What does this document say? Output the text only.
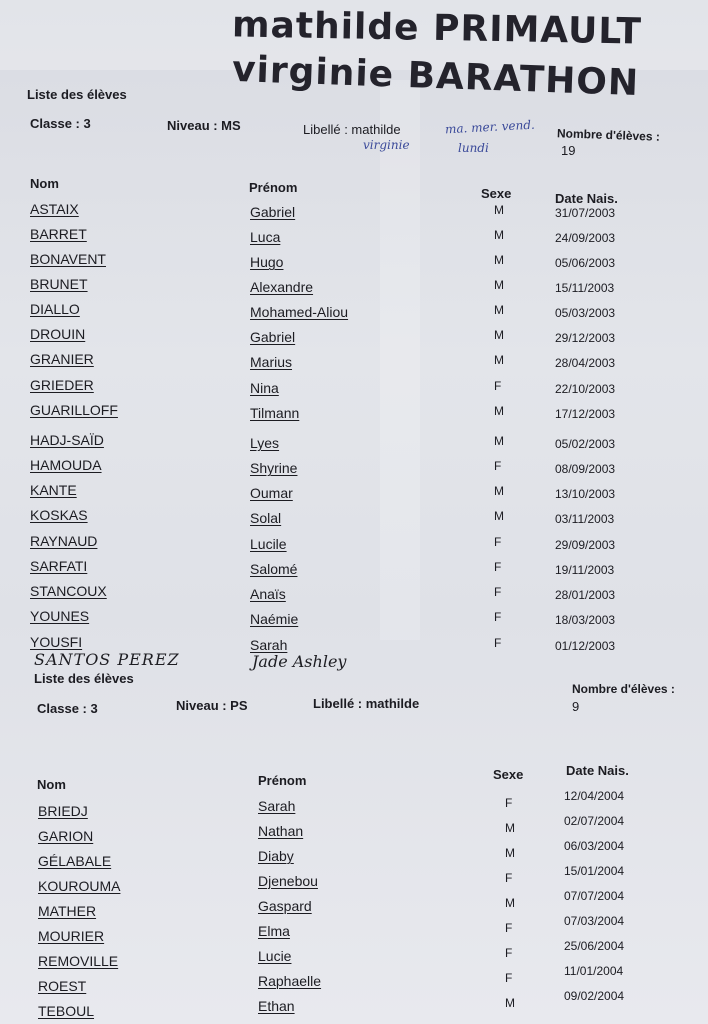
mathilde PRIMAULT
virginie BARATHON
Liste des élèves
Classe : 3	Niveau : MS	Libellé : mathilde	ma. mer. vend.
virginie	lundi
Nombre d'élèves :
19
Nom	Prénom	Sexe	Date Nais.
ASTAIX	Gabriel	M	31/07/2003
BARRET	Luca	M	24/09/2003
BONAVENT	Hugo	M	05/06/2003
BRUNET	Alexandre	M	15/11/2003
DIALLO	Mohamed-Aliou	M	05/03/2003
DROUIN	Gabriel	M	29/12/2003
GRANIER	Marius	M	28/04/2003
GRIEDER	Nina	F	22/10/2003
GUARILLOFF	Tilmann	M	17/12/2003
HADJ-SAÏD	Lyes	M	05/02/2003
HAMOUDA	Shyrine	F	08/09/2003
KANTE	Oumar	M	13/10/2003
KOSKAS	Solal	M	03/11/2003
RAYNAUD	Lucile	F	29/09/2003
SARFATI	Salomé	F	19/11/2003
STANCOUX	Anaïs	F	28/01/2003
YOUNES	Naémie	F	18/03/2003
YOUSFI	Sarah	F	01/12/2003
SANTOS PEREZ	Jade Ashley
Liste des élèves
Classe : 3	Niveau : PS	Libellé : mathilde
Nombre d'élèves :
9
Nom	Prénom	Sexe	Date Nais.
BRIEDJ	Sarah	F	12/04/2004
GARION	Nathan	M	02/07/2004
GÉLABALE	Diaby	M	06/03/2004
KOUROUMA	Djenebou	F	15/01/2004
MATHER	Gaspard	M	07/07/2004
MOURIER	Elma	F	07/03/2004
REMOVILLE	Lucie	F	25/06/2004
ROEST	Raphaelle	F	11/01/2004
TEBOUL	Ethan	M	09/02/2004
